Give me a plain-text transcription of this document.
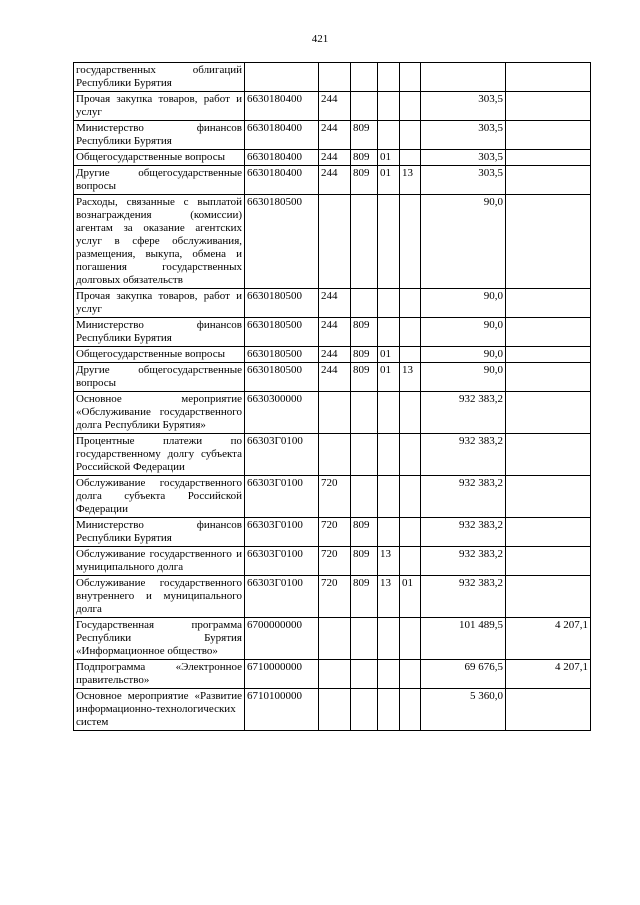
421
государственных облигаций Республики Бурятия							
Прочая закупка товаров, работ и услуг	6630180400	244				303,5	
Министерство финансов Республики Бурятия	6630180400	244	809			303,5	
Общегосударственные вопросы	6630180400	244	809	01		303,5	
Другие общегосударственные вопросы	6630180400	244	809	01	13	303,5	
Расходы, связанные с выплатой вознаграждения (комиссии) агентам за оказание агентских услуг в сфере обслуживания, размещения, выкупа, обмена и погашения государственных долговых обязательств	6630180500					90,0	
Прочая закупка товаров, работ и услуг	6630180500	244				90,0	
Министерство финансов Республики Бурятия	6630180500	244	809			90,0	
Общегосударственные вопросы	6630180500	244	809	01		90,0	
Другие общегосударственные вопросы	6630180500	244	809	01	13	90,0	
Основное мероприятие «Обслуживание государственного долга Республики Бурятия»	6630300000					932 383,2	
Процентные платежи по государственному долгу субъекта Российской Федерации	66303Г0100					932 383,2	
Обслуживание государственного долга субъекта Российской Федерации	66303Г0100	720				932 383,2	
Министерство финансов Республики Бурятия	66303Г0100	720	809			932 383,2	
Обслуживание государственного и муниципального долга	66303Г0100	720	809	13		932 383,2	
Обслуживание государственного внутреннего и муниципального долга	66303Г0100	720	809	13	01	932 383,2	
Государственная программа Республики Бурятия «Информационное общество»	6700000000					101 489,5	4 207,1
Подпрограмма «Электронное правительство»	6710000000					69 676,5	4 207,1
Основное мероприятие «Развитие информационно-технологических систем	6710100000					5 360,0	
